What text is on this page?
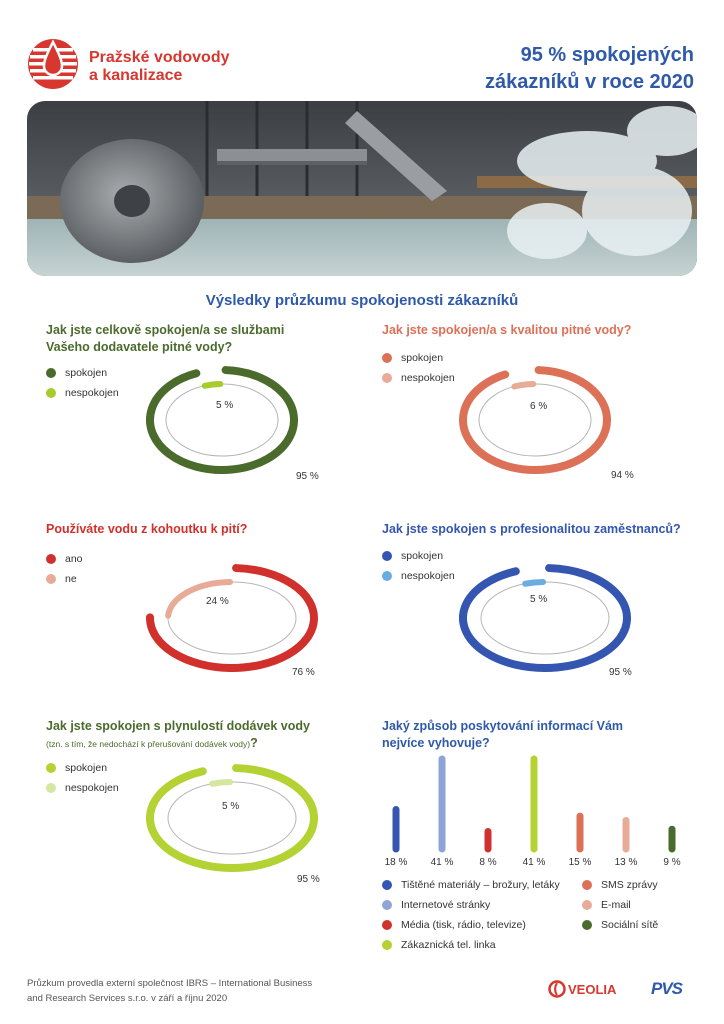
Pražské vodovody
a kanalizace
95 % spokojených
zákazníků v roce 2020
Výsledky průzkumu spokojenosti zákazníků
Jak jste celkově spokojen/a se službami
Vašeho dodavatele pitné vody?
spokojen
nespokojen
5 %
95 %
Jak jste spokojen/a s kvalitou pitné vody?
spokojen
nespokojen
6 %
94 %
Používáte vodu z kohoutku k pití?
ano
ne
24 %
76 %
Jak jste spokojen s profesionalitou zaměstnanců?
spokojen
nespokojen
5 %
95 %
Jak jste spokojen s plynulostí dodávek vody
(tzn. s tím, že nedochází k přerušování dodávek vody)?
spokojen
nespokojen
5 %
95 %
Jaký způsob poskytování informací Vám
nejvíce vyhovuje?
18 % 41 %	8 %	41 % 15 % 13 %	9 %
Tištěné materiály – brožury, letáky
Internetové stránky
Média (tisk, rádio, televize)
Zákaznická tel. linka
SMS zprávy
E-mail
Sociální sítě
Průzkum provedla externí společnost IBRS – International Business
and Research Services s.r.o. v září a říjnu 2020
VEOLIA PVS
